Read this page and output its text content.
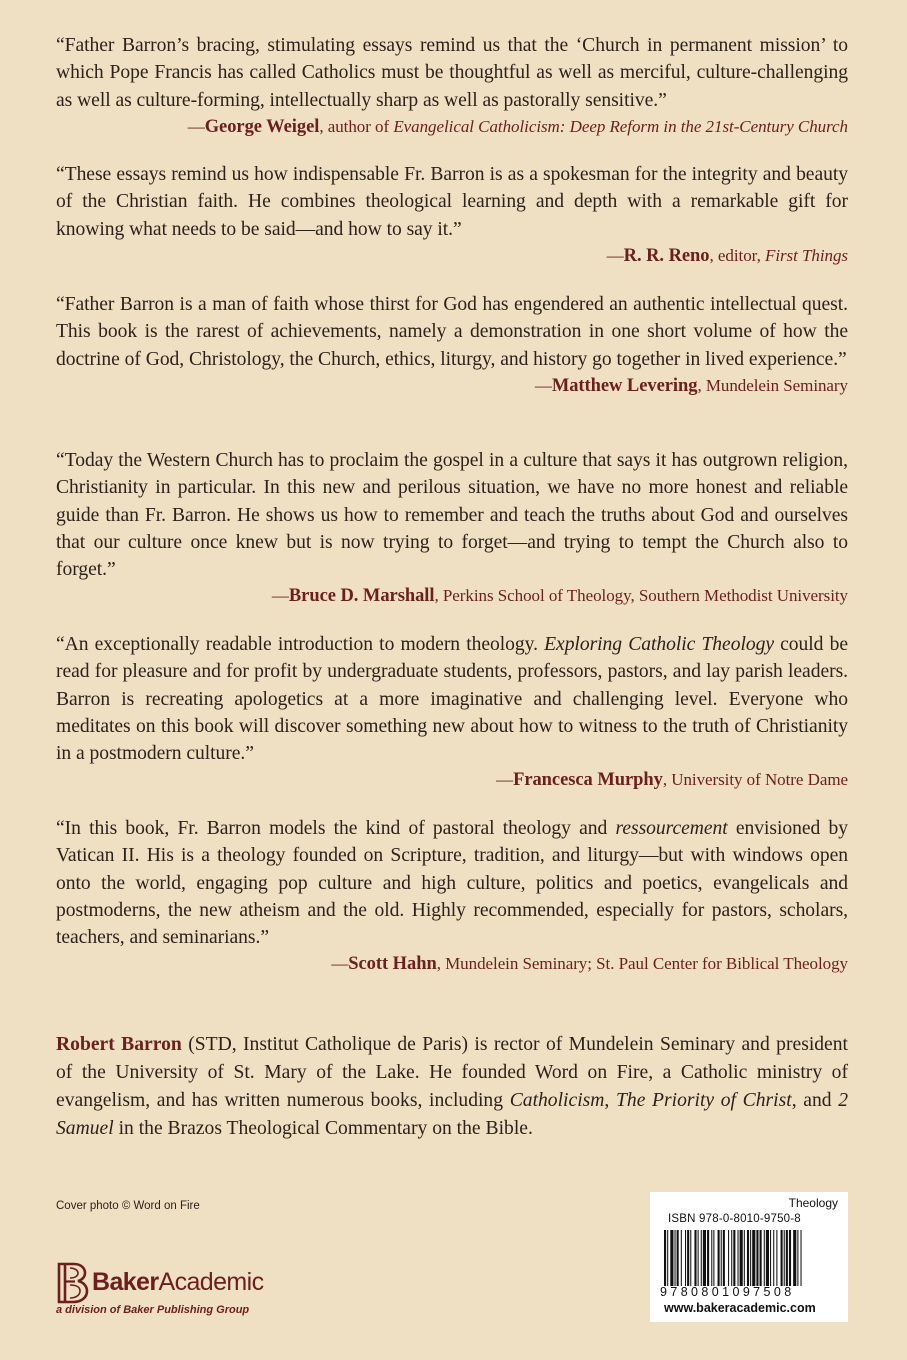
“Father Barron’s bracing, stimulating essays remind us that the ‘Church in permanent mission’ to which Pope Francis has called Catholics must be thoughtful as well as merciful, culture-challenging as well as culture-forming, intellectually sharp as well as pastorally sensitive.”

—George Weigel, author of Evangelical Catholicism: Deep Reform in the 21st-Century Church

“These essays remind us how indispensable Fr. Barron is as a spokesman for the integrity and beauty of the Christian faith. He combines theological learning and depth with a remarkable gift for knowing what needs to be said—and how to say it.”

—R. R. Reno, editor, First Things

“Father Barron is a man of faith whose thirst for God has engendered an authentic intellectual quest. This book is the rarest of achievements, namely a demonstration in one short volume of how the doctrine of God, Christology, the Church, ethics, liturgy, and history go together in lived experience.”

—Matthew Levering, Mundelein Seminary

“Today the Western Church has to proclaim the gospel in a culture that says it has outgrown religion, Christianity in particular. In this new and perilous situation, we have no more honest and reliable guide than Fr. Barron. He shows us how to remember and teach the truths about God and ourselves that our culture once knew but is now trying to forget—and trying to tempt the Church also to forget.”

—Bruce D. Marshall, Perkins School of Theology, Southern Methodist University

“An exceptionally readable introduction to modern theology. Exploring Catholic Theology could be read for pleasure and for profit by undergraduate students, professors, pastors, and lay parish leaders. Barron is recreating apologetics at a more imaginative and challenging level. Everyone who meditates on this book will discover something new about how to witness to the truth of Christianity in a postmodern culture.”

—Francesca Murphy, University of Notre Dame

“In this book, Fr. Barron models the kind of pastoral theology and ressourcement envisioned by Vatican II. His is a theology founded on Scripture, tradition, and liturgy—but with windows open onto the world, engaging pop culture and high culture, politics and poetics, evangelicals and postmoderns, the new atheism and the old. Highly recommended, especially for pastors, scholars, teachers, and seminarians.”

—Scott Hahn, Mundelein Seminary; St. Paul Center for Biblical Theology

Robert Barron (STD, Institut Catholique de Paris) is rector of Mundelein Seminary and president of the University of St. Mary of the Lake. He founded Word on Fire, a Catholic ministry of evangelism, and has written numerous books, including Catholicism, The Priority of Christ, and 2 Samuel in the Brazos Theological Commentary on the Bible.

Cover photo © Word on Fire
BakerAcademic
a division of Baker Publishing Group
Theology
ISBN 978-0-8010-9750-8
9780801097508
www.bakeracademic.com
